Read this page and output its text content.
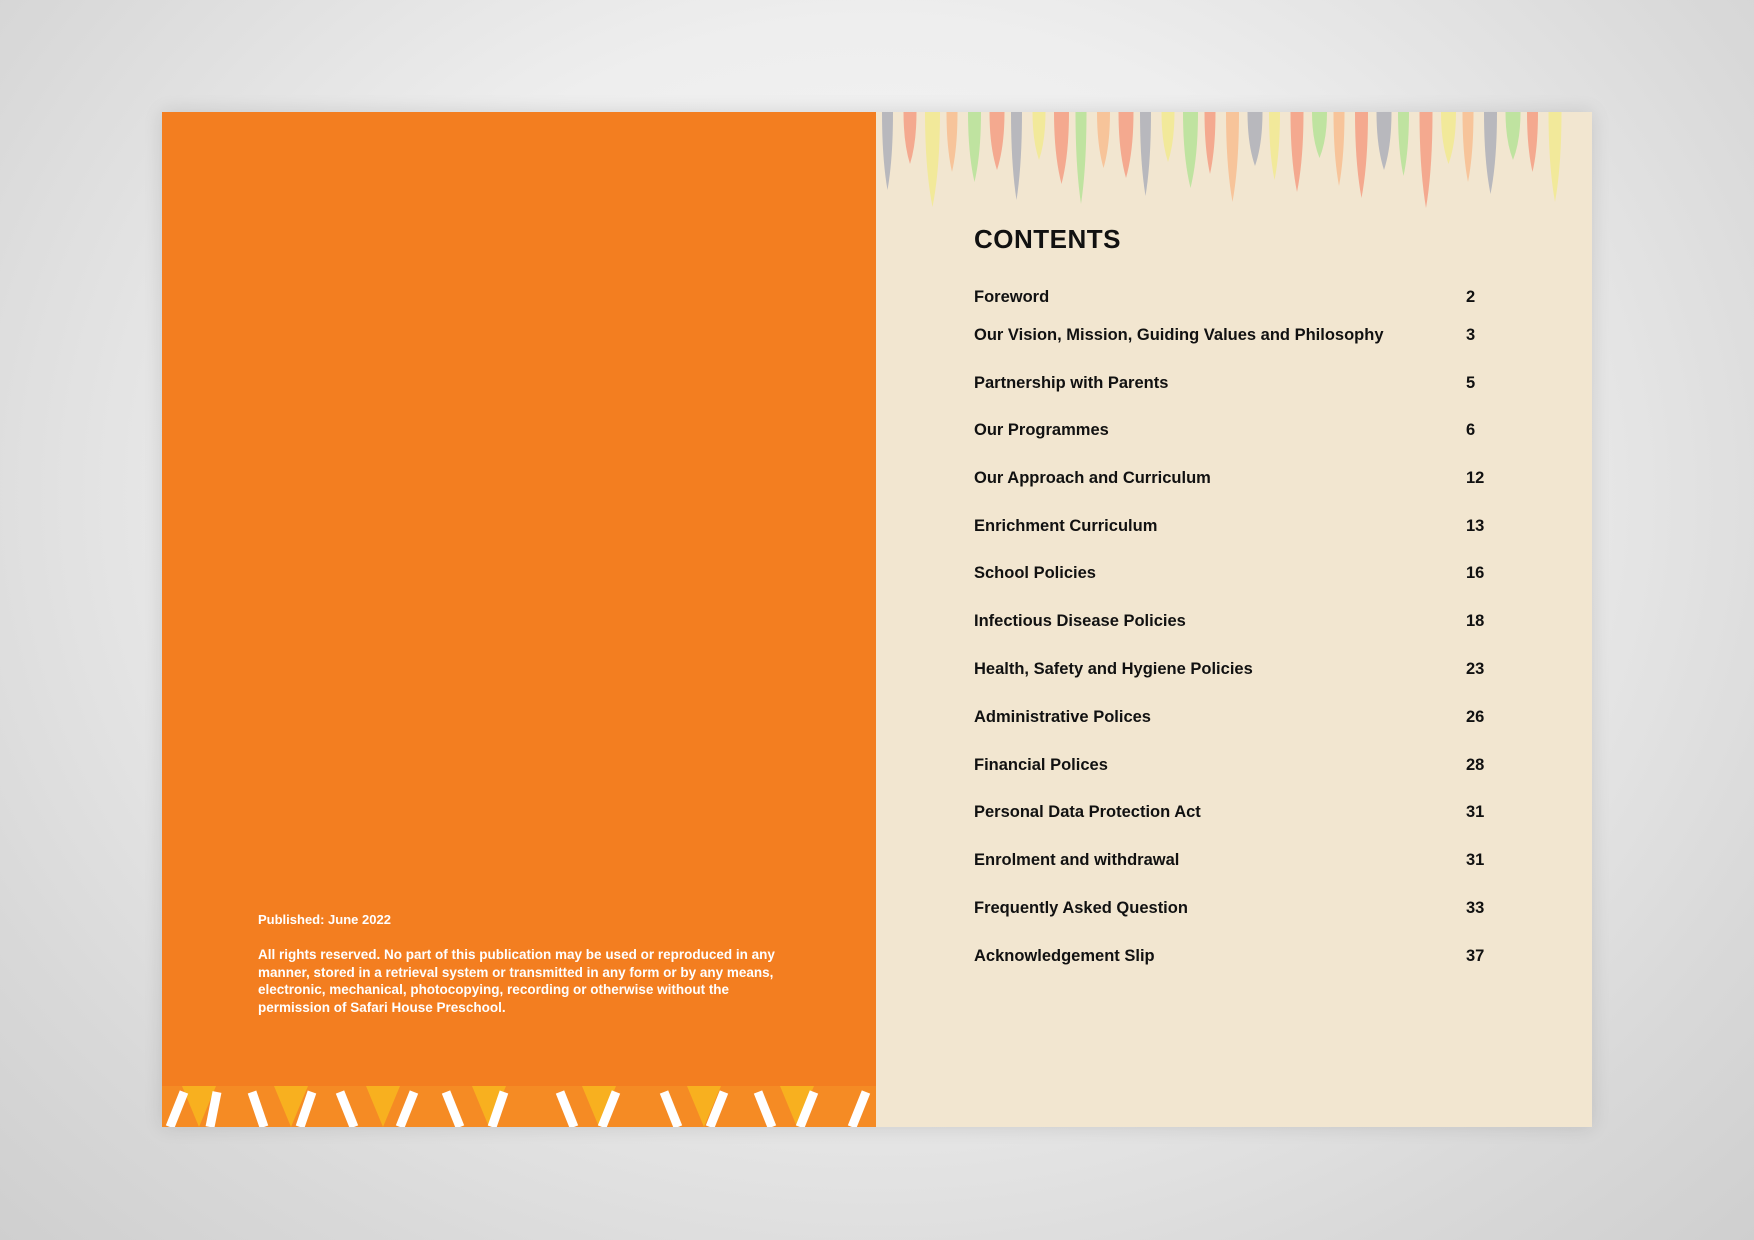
Published: June 2022
All rights reserved. No part of this publication may be used or reproduced in any manner, stored in a retrieval system or transmitted in any form or by any means, electronic, mechanical, photocopying, recording or otherwise without the permission of Safari House Preschool.
CONTENTS
Foreword	2
Our Vision, Mission, Guiding Values and Philosophy	3
Partnership with Parents	5
Our Programmes	6
Our Approach and Curriculum	12
Enrichment Curriculum	13
School Policies	16
Infectious Disease Policies	18
Health, Safety and Hygiene Policies	23
Administrative Polices	26
Financial Polices	28
Personal Data Protection Act	31
Enrolment and withdrawal	31
Frequently Asked Question	33
Acknowledgement Slip	37
